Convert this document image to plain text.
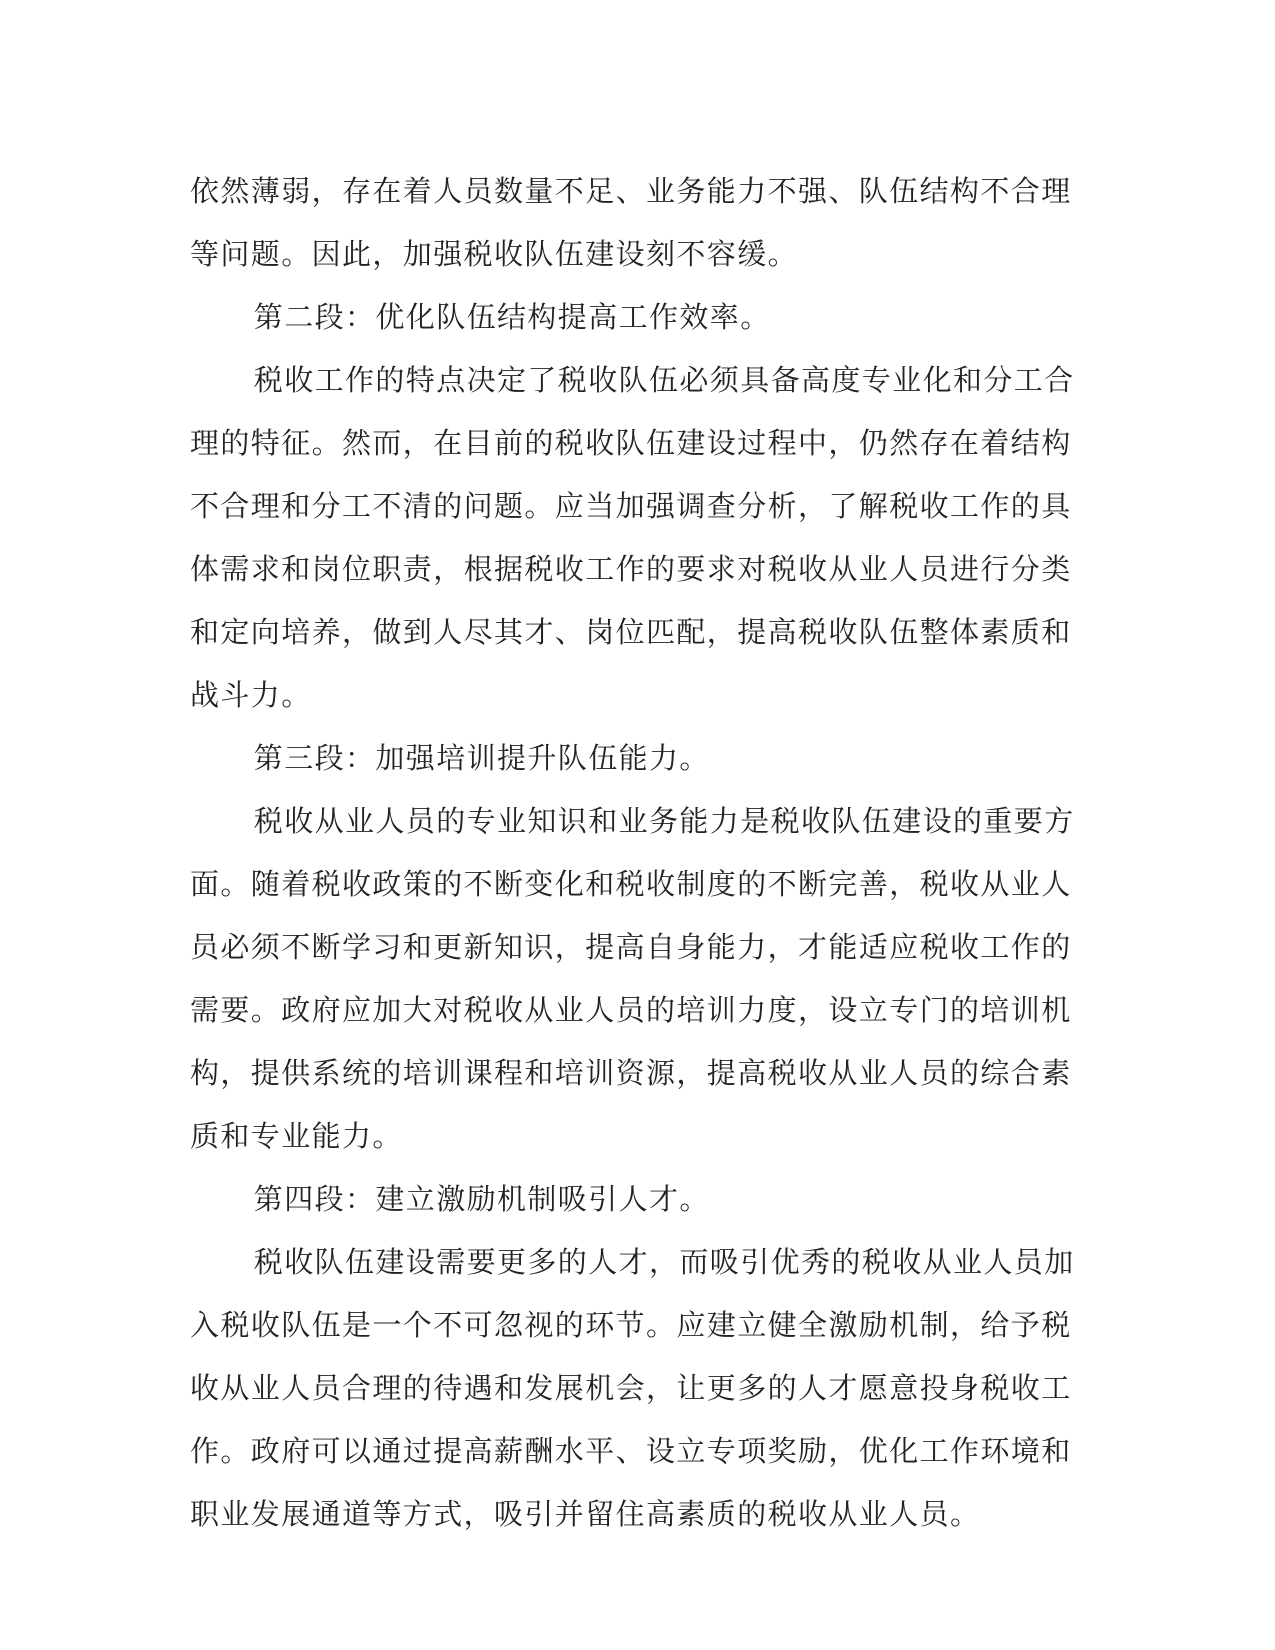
依然薄弱，存在着人员数量不足、业务能力不强、队伍结构不合理等问题。因此，加强税收队伍建设刻不容缓。

第二段：优化队伍结构提高工作效率。

税收工作的特点决定了税收队伍必须具备高度专业化和分工合理的特征。然而，在目前的税收队伍建设过程中，仍然存在着结构不合理和分工不清的问题。应当加强调查分析，了解税收工作的具体需求和岗位职责，根据税收工作的要求对税收从业人员进行分类和定向培养，做到人尽其才、岗位匹配，提高税收队伍整体素质和战斗力。

第三段：加强培训提升队伍能力。

税收从业人员的专业知识和业务能力是税收队伍建设的重要方面。随着税收政策的不断变化和税收制度的不断完善，税收从业人员必须不断学习和更新知识，提高自身能力，才能适应税收工作的需要。政府应加大对税收从业人员的培训力度，设立专门的培训机构，提供系统的培训课程和培训资源，提高税收从业人员的综合素质和专业能力。

第四段：建立激励机制吸引人才。

税收队伍建设需要更多的人才，而吸引优秀的税收从业人员加入税收队伍是一个不可忽视的环节。应建立健全激励机制，给予税收从业人员合理的待遇和发展机会，让更多的人才愿意投身税收工作。政府可以通过提高薪酬水平、设立专项奖励，优化工作环境和职业发展通道等方式，吸引并留住高素质的税收从业人员。
